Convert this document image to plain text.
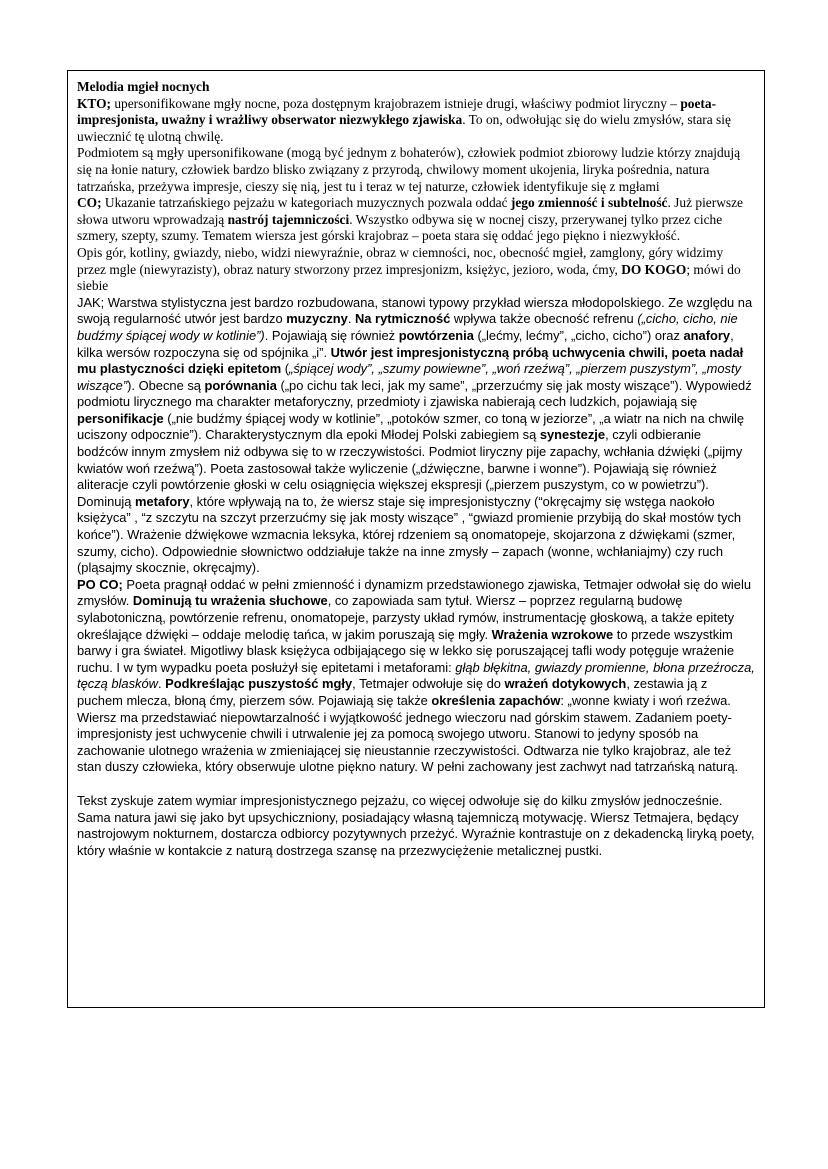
Melodia mgieł nocnych

KTO; upersonifikowane mgły nocne, poza dostępnym krajobrazem istnieje drugi, właściwy podmiot liryczny – poeta-impresjonista, uważny i wrażliwy obserwator niezwykłego zjawiska. To on, odwołując się do wielu zmysłów, stara się uwiecznić tę ulotną chwilę.

Podmiotem są mgły upersonifikowane (mogą być jednym z bohaterów), człowiek podmiot zbiorowy ludzie którzy znajdują się na łonie natury, człowiek bardzo blisko związany z przyrodą, chwilowy moment ukojenia, liryka pośrednia, natura tatrzańska, przeżywa impresje, cieszy się nią, jest tu i teraz w tej naturze, człowiek identyfikuje się z mgłami

CO; Ukazanie tatrzańskiego pejzażu w kategoriach muzycznych pozwala oddać jego zmienność i subtelność. Już pierwsze słowa utworu wprowadzają nastrój tajemniczości. Wszystko odbywa się w nocnej ciszy, przerywanej tylko przez ciche szmery, szepty, szumy. Tematem wiersza jest górski krajobraz – poeta stara się oddać jego piękno i niezwykłość.

Opis gór, kotliny, gwiazdy, niebo, widzi niewyraźnie, obraz w ciemności, noc, obecność mgieł, zamglony, góry widzimy przez mgle (niewyrazisty), obraz natury stworzony przez impresjonizm, księżyc, jezioro, woda, ćmy, DO KOGO; mówi do siebie

JAK; Warstwa stylistyczna jest bardzo rozbudowana, stanowi typowy przykład wiersza młodopolskiego. Ze względu na swoją regularność utwór jest bardzo muzyczny. Na rytmiczność wpływa także obecność refrenu („cicho, cicho, nie budźmy śpiącej wody w kotlinie”). Pojawiają się również powtórzenia („lećmy, lećmy”, „cicho, cicho”) oraz anafory, kilka wersów rozpoczyna się od spójnika „i”. Utwór jest impresjonistyczną próbą uchwycenia chwili, poeta nadał mu plastyczności dzięki epitetom („śpiącej wody”, „szumy powiewne”, „woń rzeźwą”, „pierzem puszystym”, „mosty wiszące”). Obecne są porównania („po cichu tak leci, jak my same”, „przerzućmy się jak mosty wiszące”). Wypowiedź podmiotu lirycznego ma charakter metaforyczny, przedmioty i zjawiska nabierają cech ludzkich, pojawiają się personifikacje („nie budźmy śpiącej wody w kotlinie”, „potoków szmer, co toną w jeziorze”, „a wiatr na nich na chwilę uciszony odpocznie”). Charakterystycznym dla epoki Młodej Polski zabiegiem są synestezje, czyli odbieranie bodźców innym zmysłem niż odbywa się to w rzeczywistości. Podmiot liryczny pije zapachy, wchłania dźwięki („pijmy kwiatów woń rzeźwą”). Poeta zastosował także wyliczenie („dźwięczne, barwne i wonne”). Pojawiają się również aliteracje czyli powtórzenie głoski w celu osiągnięcia większej ekspresji („pierzem puszystym, co w powietrzu”). Dominują metafory, które wpływają na to, że wiersz staje się impresjonistyczny (“okręcajmy się wstęga naokoło księżyca” , “z szczytu na szczyt przerzućmy się jak mosty wiszące” , “gwiazd promienie przybiją do skał mostów tych końce”). Wrażenie dźwiękowe wzmacnia leksyka, której rdzeniem są onomatopeje, skojarzona z dźwiękami (szmer, szumy, cicho). Odpowiednie słownictwo oddziałuje także na inne zmysły – zapach (wonne, wchłaniajmy) czy ruch (pląsajmy skocznie, okręcajmy).

PO CO; Poeta pragnął oddać w pełni zmienność i dynamizm przedstawionego zjawiska, Tetmajer odwołał się do wielu zmysłów. Dominują tu wrażenia słuchowe, co zapowiada sam tytuł. Wiersz – poprzez regularną budowę sylabotoniczną, powtórzenie refrenu, onomatopeje, parzysty układ rymów, instrumentację głoskową, a także epitety określające dźwięki – oddaje melodię tańca, w jakim poruszają się mgły. Wrażenia wzrokowe to przede wszystkim barwy i gra świateł. Migotliwy blask księżyca odbijającego się w lekko się poruszającej tafli wody potęguje wrażenie ruchu. I w tym wypadku poeta posłużył się epitetami i metaforami: głąb błękitna, gwiazdy promienne, błona przeźrocza, tęczą blasków. Podkreślając puszystość mgły, Tetmajer odwołuje się do wrażeń dotykowych, zestawia ją z puchem mlecza, błoną ćmy, pierzem sów. Pojawiają się także określenia zapachów: „wonne kwiaty i woń rzeźwa.

Wiersz ma przedstawiać niepowtarzalność i wyjątkowość jednego wieczoru nad górskim stawem. Zadaniem poety-impresjonisty jest uchwycenie chwili i utrwalenie jej za pomocą swojego utworu. Stanowi to jedyny sposób na zachowanie ulotnego wrażenia w zmieniającej się nieustannie rzeczywistości. Odtwarza nie tylko krajobraz, ale też stan duszy człowieka, który obserwuje ulotne piękno natury. W pełni zachowany jest zachwyt nad tatrzańską naturą.

Tekst zyskuje zatem wymiar impresjonistycznego pejzażu, co więcej odwołuje się do kilku zmysłów jednocześnie. Sama natura jawi się jako byt upsychiczniony, posiadający własną tajemniczą motywację. Wiersz Tetmajera, będący nastrojowym nokturnem, dostarcza odbiorcy pozytywnych przeżyć. Wyraźnie kontrastuje on z dekadencką liryką poety, który właśnie w kontakcie z naturą dostrzega szansę na przezwyciężenie metalicznej pustki.
